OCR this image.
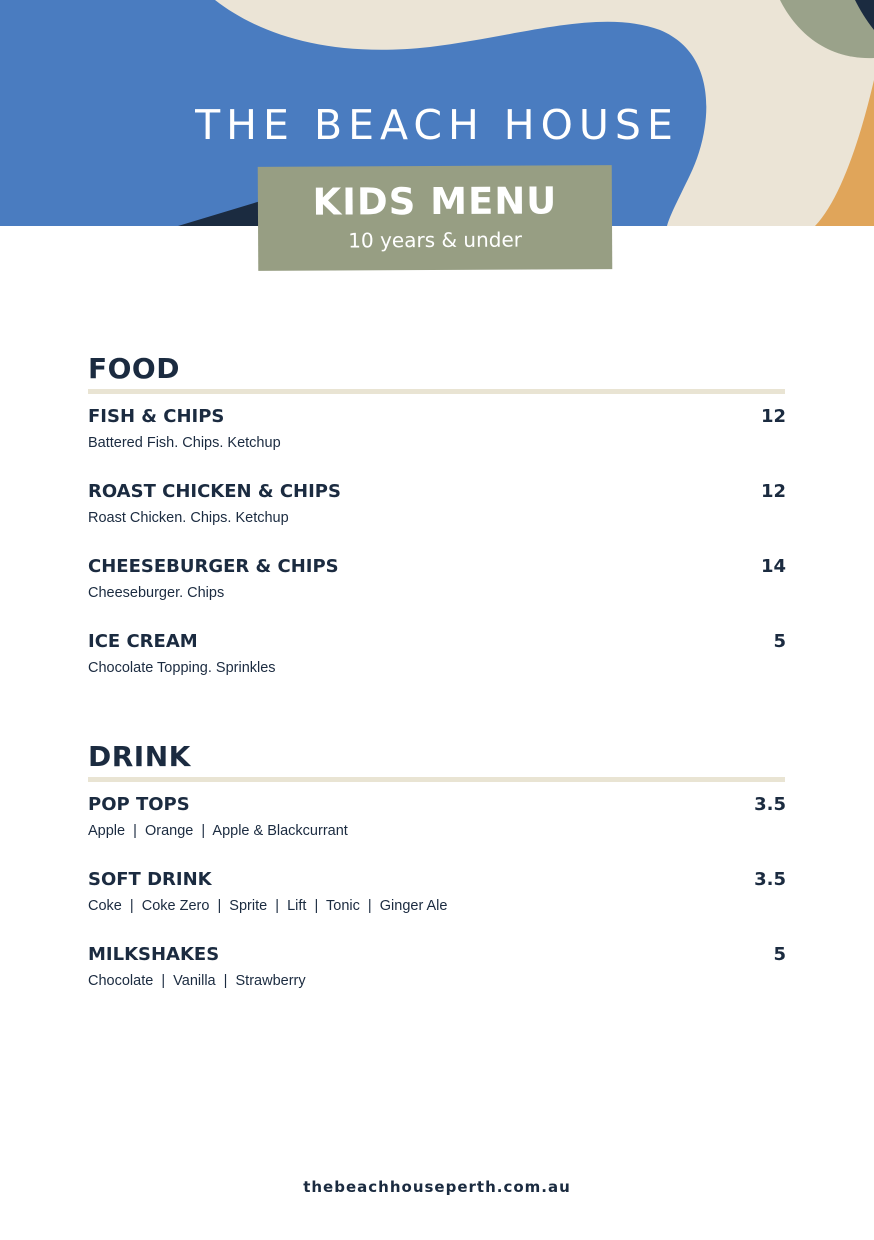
THE BEACH HOUSE
KIDS MENU
10 years & under
FOOD
FISH & CHIPS	12
Battered Fish. Chips. Ketchup
ROAST CHICKEN & CHIPS	12
Roast Chicken. Chips. Ketchup
CHEESEBURGER & CHIPS	14
Cheeseburger. Chips
ICE CREAM	5
Chocolate Topping. Sprinkles
DRINK
POP TOPS	3.5
Apple  |  Orange  |  Apple & Blackcurrant
SOFT DRINK	3.5
Coke  |  Coke Zero  |  Sprite  |  Lift  |  Tonic  |  Ginger Ale
MILKSHAKES	5
Chocolate  |  Vanilla  |  Strawberry
thebeachhouseperth.com.au
